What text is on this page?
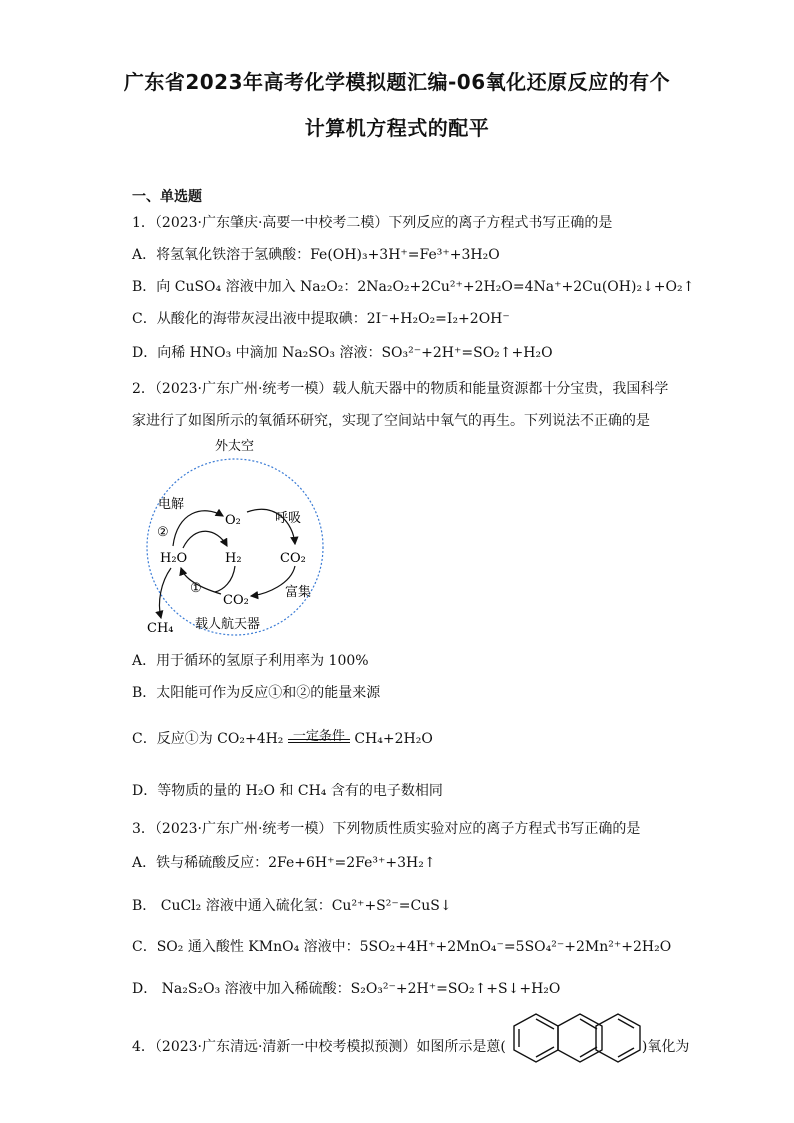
广东省2023年高考化学模拟题汇编-06氧化还原反应的有个
计算机方程式的配平
一、单选题
1．（2023·广东肇庆·高要一中校考二模）下列反应的离子方程式书写正确的是
A．将氢氧化铁溶于氢碘酸：Fe(OH)₃+3H⁺=Fe³⁺+3H₂O
B．向 CuSO₄ 溶液中加入 Na₂O₂：2Na₂O₂+2Cu²⁺+2H₂O=4Na⁺+2Cu(OH)₂↓+O₂↑
C．从酸化的海带灰浸出液中提取碘：2I⁻+H₂O₂=I₂+2OH⁻
D．向稀 HNO₃ 中滴加 Na₂SO₃ 溶液：SO₃²⁻+2H⁺=SO₂↑+H₂O
2．（2023·广东广州·统考一模）载人航天器中的物质和能量资源都十分宝贵，我国科学
家进行了如图所示的氧循环研究，实现了空间站中氧气的再生。下列说法不正确的是
外太空
电解
呼吸
富集
载人航天器
O₂
H₂O	H₂	CO₂
CO₂
CH₄
①
②
A．用于循环的氢原子利用率为 100%
B．太阳能可作为反应①和②的能量来源
C．反应①为 CO₂+4H₂ 一定条件 CH₄+2H₂O
D．等物质的量的 H₂O 和 CH₄ 含有的电子数相同
3．（2023·广东广州·统考一模）下列物质性质实验对应的离子方程式书写正确的是
A．铁与稀硫酸反应：2Fe+6H⁺=2Fe³⁺+3H₂↑
B． CuCl₂ 溶液中通入硫化氢：Cu²⁺+S²⁻=CuS↓
C．SO₂ 通入酸性 KMnO₄ 溶液中：5SO₂+4H⁺+2MnO₄⁻=5SO₄²⁻+2Mn²⁺+2H₂O
D． Na₂S₂O₃ 溶液中加入稀硫酸：S₂O₃²⁻+2H⁺=SO₂↑+S↓+H₂O
4．（2023·广东清远·清新一中校考模拟预测）如图所示是蒽(	)氧化为
